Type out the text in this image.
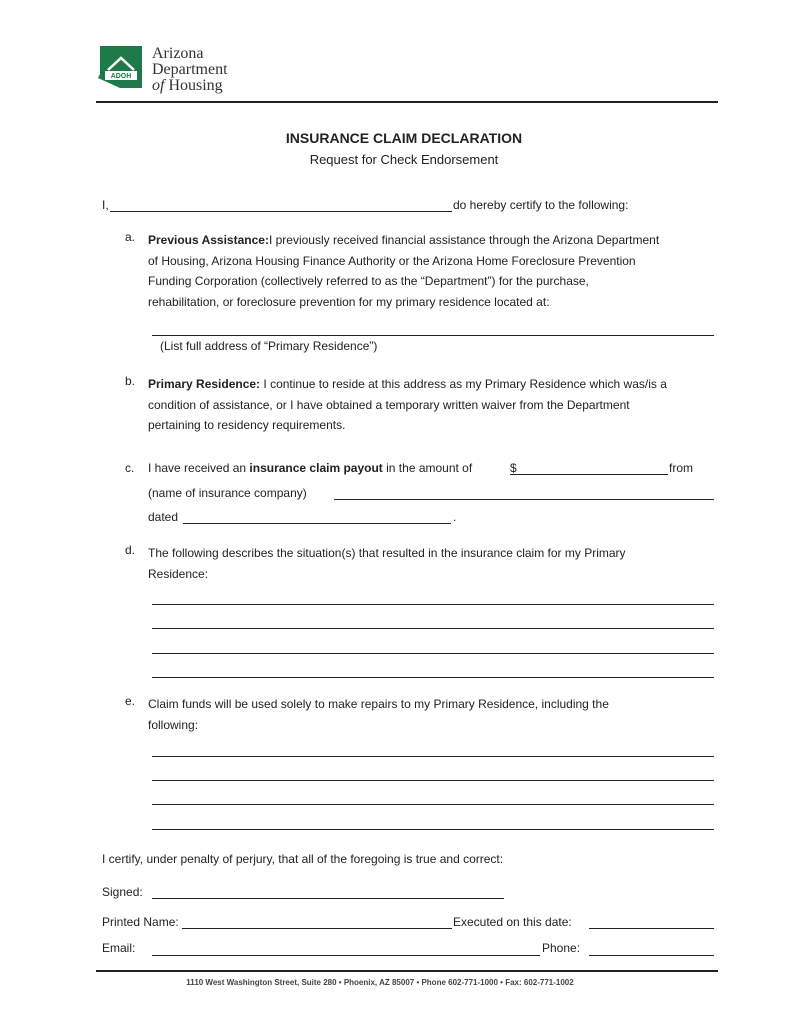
ADOH
Arizona
Department
of Housing
INSURANCE CLAIM DECLARATION
Request for Check Endorsement
I,	do hereby certify to the following:
a. Previous Assistance:I previously received financial assistance through the Arizona Department
of Housing, Arizona Housing Finance Authority or the Arizona Home Foreclosure Prevention
Funding Corporation (collectively referred to as the “Department”) for the purchase,
rehabilitation, or foreclosure prevention for my primary residence located at:
(List full address of “Primary Residence”)
b. Primary Residence: I continue to reside at this address as my Primary Residence which was/is a
condition of assistance, or I have obtained a temporary written waiver from the Department
pertaining to residency requirements.
c. I have received an insurance claim payout in the amount of	$	from
(name of insurance company)
dated	.
d. The following describes the situation(s) that resulted in the insurance claim for my Primary
Residence:
e. Claim funds will be used solely to make repairs to my Primary Residence, including the
following:
I certify, under penalty of perjury, that all of the foregoing is true and correct:
Signed:
Printed Name:	Executed on this date:
Email:	Phone:
1110 West Washington Street, Suite 280 • Phoenix, AZ 85007 • Phone 602-771-1000 • Fax: 602-771-1002
